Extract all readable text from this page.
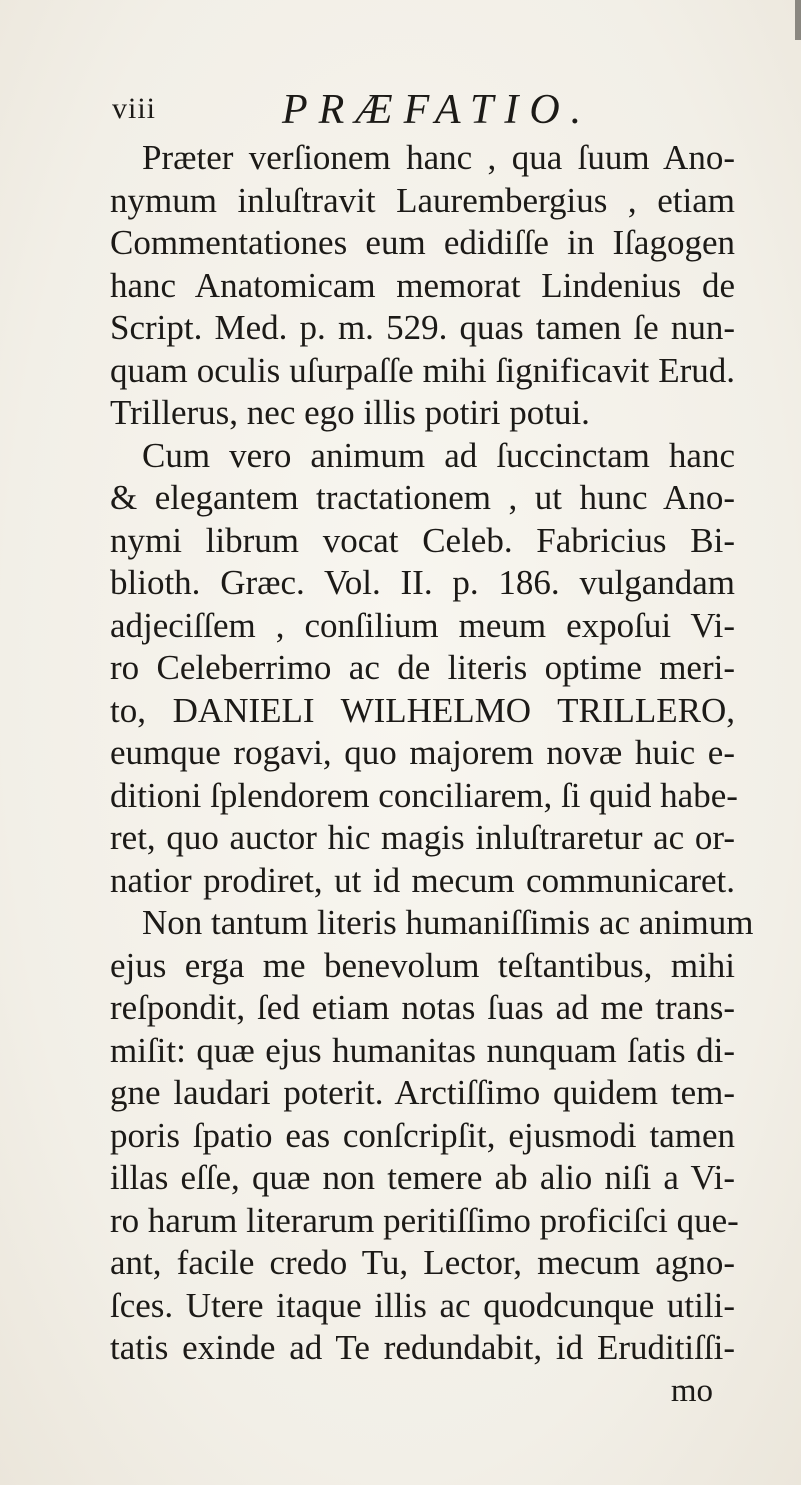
viii	PRÆFATIO.
Præter verſionem hanc , qua ſuum Ano-
nymum inluſtravit Laurembergius , etiam
Commentationes eum edidiſſe in Iſagogen
hanc Anatomicam memorat Lindenius de
Script. Med. p. m. 529. quas tamen ſe nun-
quam oculis uſurpaſſe mihi ſignificavit Erud.
Trillerus, nec ego illis potiri potui.
Cum vero animum ad ſuccinctam hanc
& elegantem tractationem , ut hunc Ano-
nymi librum vocat Celeb. Fabricius Bi-
blioth. Græc. Vol. II. p. 186. vulgandam
adjeciſſem , conſilium meum expoſui Vi-
ro Celeberrimo ac de literis optime meri-
to, DANIELI WILHELMO TRILLERO,
eumque rogavi, quo majorem novæ huic e-
ditioni ſplendorem conciliarem, ſi quid habe-
ret, quo auctor hic magis inluſtraretur ac or-
natior prodiret, ut id mecum communicaret.
Non tantum literis humaniſſimis ac animum
ejus erga me benevolum teſtantibus, mihi
reſpondit, ſed etiam notas ſuas ad me trans-
miſit: quæ ejus humanitas nunquam ſatis di-
gne laudari poterit. Arctiſſimo quidem tem-
poris ſpatio eas conſcripſit, ejusmodi tamen
illas eſſe, quæ non temere ab alio niſi a Vi-
ro harum literarum peritiſſimo proficiſci que-
ant, facile credo Tu, Lector, mecum agno-
ſces. Utere itaque illis ac quodcunque utili-
tatis exinde ad Te redundabit, id Eruditiſſi-
mo
